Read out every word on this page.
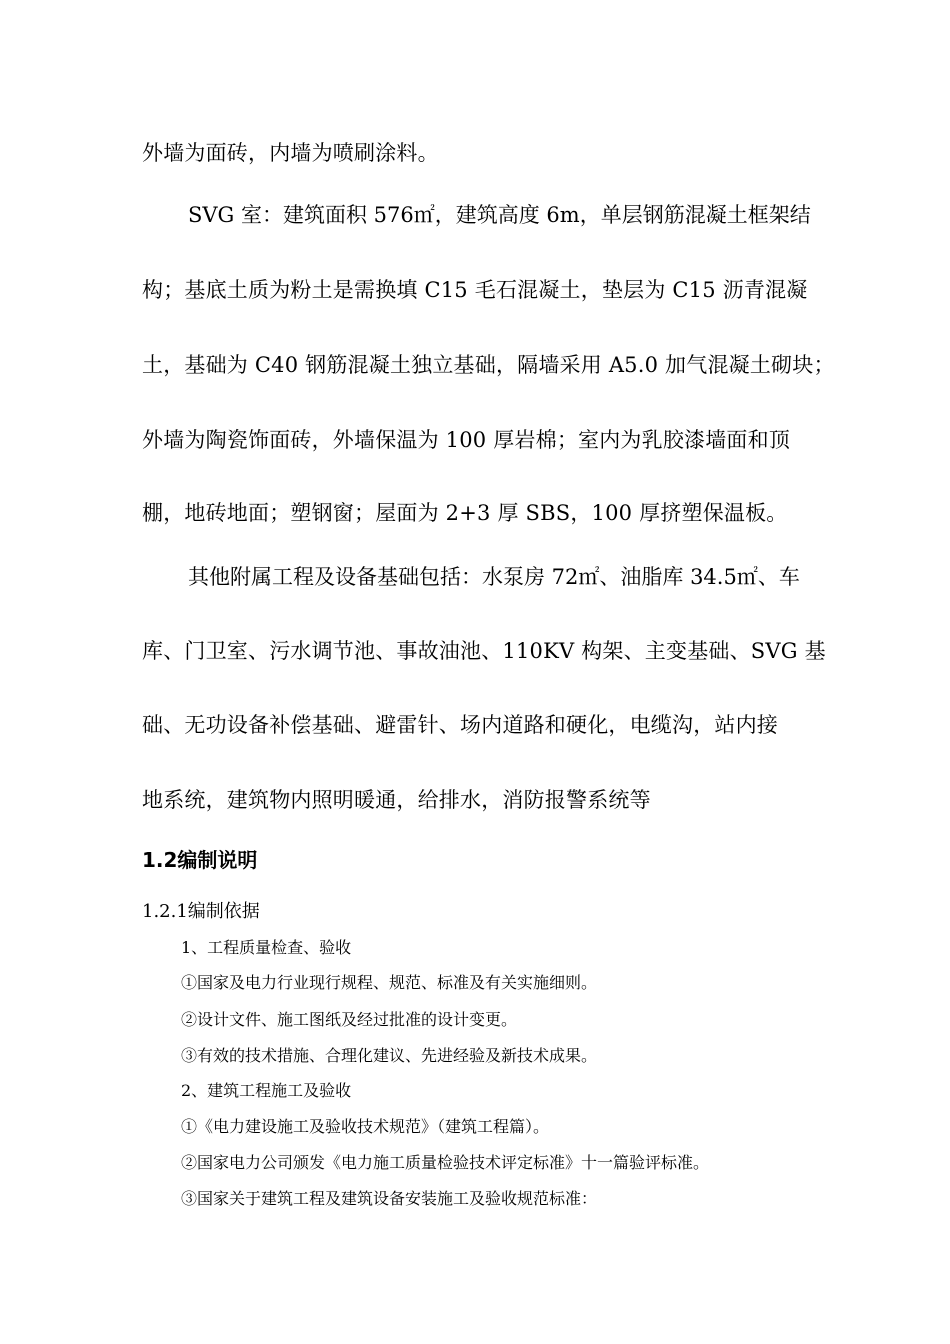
外墙为面砖，内墙为喷刷涂料。
SVG 室：建筑面积 576㎡，建筑高度 6m，单层钢筋混凝土框架结
构；基底土质为粉土是需换填 C15 毛石混凝土，垫层为 C15 沥青混凝
土，基础为 C40 钢筋混凝土独立基础，隔墙采用 A5.0 加气混凝土砌块；
外墙为陶瓷饰面砖，外墙保温为 100 厚岩棉；室内为乳胶漆墙面和顶
棚，地砖地面；塑钢窗；屋面为 2+3 厚 SBS，100 厚挤塑保温板。
其他附属工程及设备基础包括：水泵房 72㎡、油脂库 34.5㎡、车
库、门卫室、污水调节池、事故油池、110KV 构架、主变基础、SVG 基
础、无功设备补偿基础、避雷针、场内道路和硬化，电缆沟，站内接
地系统，建筑物内照明暖通，给排水，消防报警系统等
1.2编制说明
1.2.1编制依据
1、工程质量检查、验收
①国家及电力行业现行规程、规范、标准及有关实施细则。
②设计文件、施工图纸及经过批准的设计变更。
③有效的技术措施、合理化建议、先进经验及新技术成果。
2、建筑工程施工及验收
①《电力建设施工及验收技术规范》（建筑工程篇）。
②国家电力公司颁发《电力施工质量检验技术评定标准》十一篇验评标准。
③国家关于建筑工程及建筑设备安装施工及验收规范标准：
